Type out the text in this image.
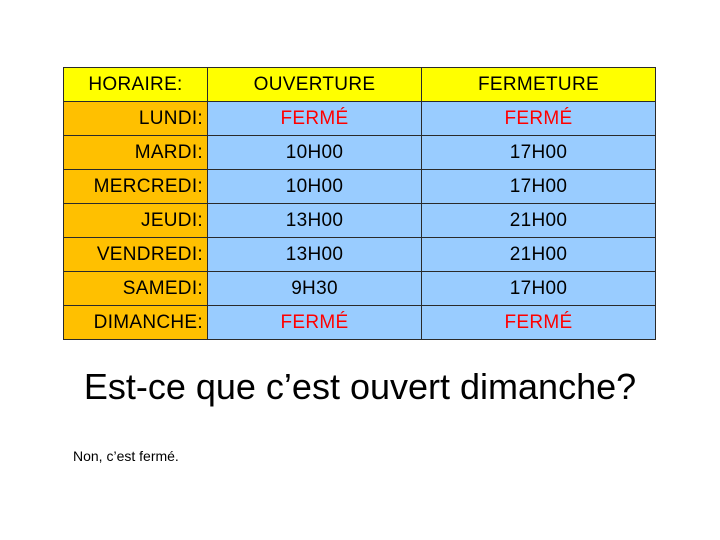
HORAIRE:	OUVERTURE	FERMETURE
LUNDI:	FERMÉ	FERMÉ
MARDI:	10H00	17H00
MERCREDI:	10H00	17H00
JEUDI:	13H00	21H00
VENDREDI:	13H00	21H00
SAMEDI:	9H30	17H00
DIMANCHE:	FERMÉ	FERMÉ
Est-ce que c’est ouvert dimanche?
Non, c’est fermé.
